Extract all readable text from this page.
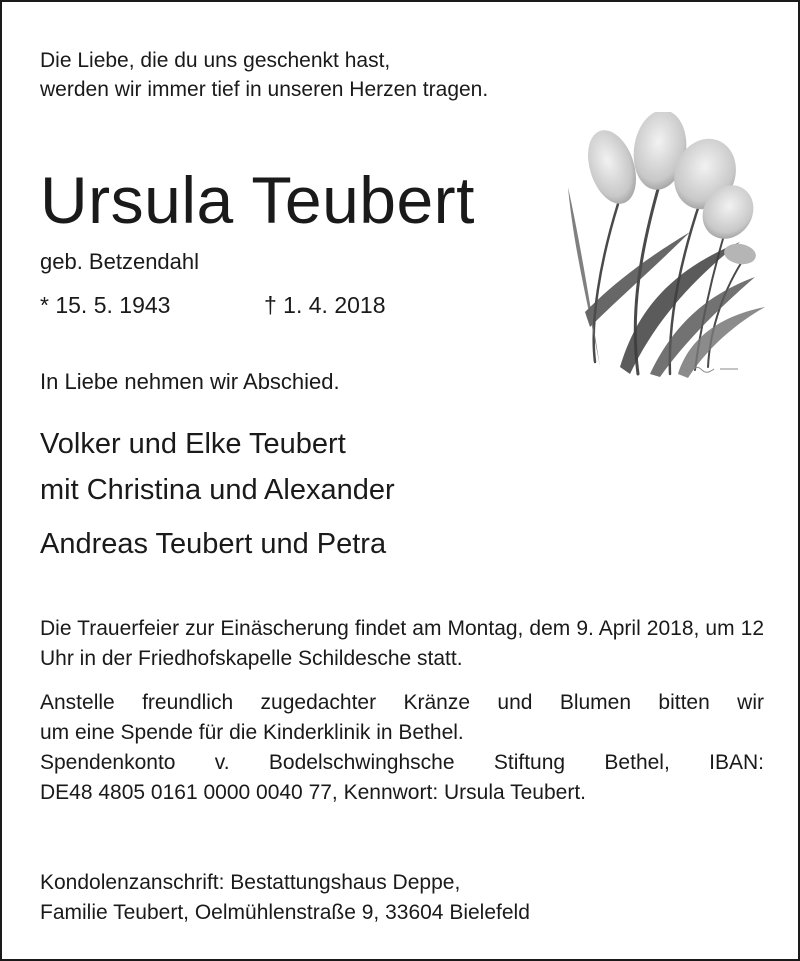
Die Liebe, die du uns geschenkt hast,
werden wir immer tief in unseren Herzen tragen.
Ursula Teubert
geb. Betzendahl
* 15. 5. 1943	† 1. 4. 2018
In Liebe nehmen wir Abschied.
Volker und Elke Teubert
mit Christina und Alexander
Andreas Teubert und Petra
Die Trauerfeier zur Einäscherung findet am Montag, dem 9. April 2018, um 12 Uhr in der Friedhofskapelle Schildesche statt.
Anstelle freundlich zugedachter Kränze und Blumen bitten wir
um eine Spende für die Kinderklinik in Bethel.
Spendenkonto v. Bodelschwinghsche Stiftung Bethel, IBAN:
DE48 4805 0161 0000 0040 77, Kennwort: Ursula Teubert.
Kondolenzanschrift: Bestattungshaus Deppe,
Familie Teubert, Oelmühlenstraße 9, 33604 Bielefeld
